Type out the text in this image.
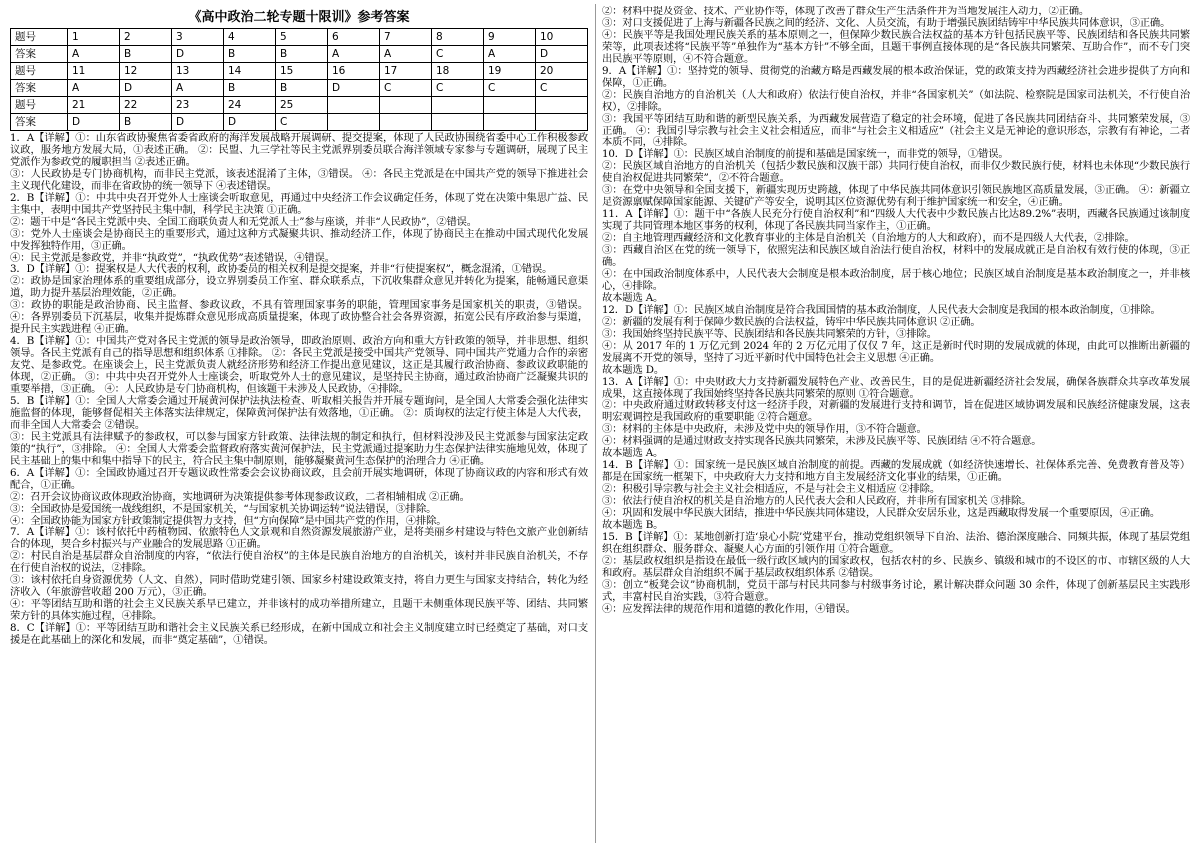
《高中政治二轮专题十限训》参考答案
题号	1	2	3	4	5	6	7	8	9	10
答案	A	B	D	B	B	A	A	C	A	D
题号	11	12	13	14	15	16	17	18	19	20
答案	A	D	A	B	B	D	C	C	C	C
题号	21	22	23	24	25					
答案	D	B	D	D	C					

1．A【详解】①：山东省政协聚焦省委省政府的海洋发展战略开展调研、提交提案，体现了人民政协围绕省委中心工作积极参政议政，服务地方发展大局，①表述正确。 ②：民盟、九三学社等民主党派界别委员联合海洋领域专家参与专题调研，展现了民主党派作为参政党的履职担当 ②表述正确。

③：人民政协是专门协商机构，而非民主党派，该表述混淆了主体，③错误。 ④：各民主党派是在中国共产党的领导下推进社会主义现代化建设，而非在省政协的统一领导下 ④表述错误。

2．B【详解】①：中共中央召开党外人士座谈会听取意见，再通过中央经济工作会议确定任务，体现了党在决策中集思广益、民主集中，表明中国共产党坚持民主集中制，科学民主决策 ①正确。

②：题干中是“各民主党派中央、全国工商联负责人和无党派人士”参与座谈，并非“人民政协”，②错误。

③：党外人士座谈会是协商民主的重要形式，通过这种方式凝聚共识、推动经济工作，体现了协商民主在推动中国式现代化发展中发挥独特作用，③正确。

④：民主党派是参政党，并非“执政党”，“执政优势”表述错误，④错误。

3．D【详解】①：提案权是人大代表的权利，政协委员的相关权利是提交提案，并非“行使提案权”，概念混淆，①错误。

②：政协是国家治理体系的重要组成部分，设立界别委员工作室、群众联系点，下沉收集群众意见并转化为提案，能畅通民意渠道，助力提升基层治理效能，②正确。

③：政协的职能是政治协商、民主监督、参政议政，不具有管理国家事务的职能，管理国家事务是国家机关的职责，③错误。 ④：各界别委员下沉基层，收集并提炼群众意见形成高质量提案，体现了政协整合社会各界资源，拓宽公民有序政治参与渠道，提升民主实践进程 ④正确。

4．B【详解】①：中国共产党对各民主党派的领导是政治领导，即政治原则、政治方向和重大方针政策的领导，并非思想、组织领导。各民主党派有自己的指导思想和组织体系 ①排除。 ②：各民主党派是接受中国共产党领导、同中国共产党通力合作的亲密友党、是参政党。在座谈会上，民主党派负责人就经济形势和经济工作提出意见建议，这正是其履行政治协商、参政议政职能的体现，②正确。 ③：中共中央召开党外人士座谈会，听取党外人士的意见建议，是坚持民主协商，通过政治协商广泛凝聚共识的重要举措，③正确。 ④：人民政协是专门协商机构，但该题干未涉及人民政协，④排除。

5．B【详解】①：全国人大常委会通过开展黄河保护法执法检查、听取相关报告并开展专题询问，是全国人大常委会强化法律实施监督的体现，能够督促相关主体落实法律规定，保障黄河保护法有效落地，①正确。 ②：质询权的法定行使主体是人大代表，而非全国人大常委会 ②错误。

③：民主党派具有法律赋予的参政权，可以参与国家方针政策、法律法规的制定和执行，但材料没涉及民主党派参与国家法定政策的“执行”，③排除。 ④：全国人大常委会监督政府落实黄河保护法，民主党派通过提案助力生态保护法律实施地见效，体现了民主基础上的集中和集中指导下的民主，符合民主集中制原则，能够凝聚黄河生态保护的治理合力 ④正确。

6．A【详解】①：全国政协通过召开专题议政性常委会会议协商议政，且会前开展实地调研，体现了协商议政的内容和形式有效配合，①正确。

②：召开会议协商议政体现政治协商，实地调研为决策提供参考体现参政议政，二者相辅相成 ②正确。

③：全国政协是爱国统一战线组织，不是国家机关，“与国家机关协调运转”说法错误，③排除。

④：全国政协能为国家方针政策制定提供智力支持，但“方向保障”是中国共产党的作用，④排除。

7．A【详解】①：该村依托中药植物园、依旅特色人文景观和自然资源发展旅游产业，是将美丽乡村建设与特色文旅产业创新结合的体现，契合乡村振兴与产业融合的发展思路 ①正确。

②：村民自治是基层群众自治制度的内容，“依法行使自治权”的主体是民族自治地方的自治机关，该村并非民族自治机关，不存在行使自治权的说法，②排除。

③：该村依托自身资源优势（人文、自然），同时借助党建引领、国家乡村建设政策支持，将自力更生与国家支持结合，转化为经济收入（年旅游营收超 200 万元），③正确。

④：平等团结互助和谐的社会主义民族关系早已建立，并非该村的成功举措所建立，且题干未侧重体现民族平等、团结、共同繁荣方针的具体实施过程，④排除。

8．C【详解】①：平等团结互助和谐社会主义民族关系已经形成，在新中国成立和社会主义制度建立时已经奠定了基础，对口支援是在此基础上的深化和发展，而非“奠定基础”，①错误。

②：材料中提及资金、技术、产业协作等，体现了改善了群众生产生活条件并为当地发展注入动力，②正确。

③：对口支援促进了上海与新疆各民族之间的经济、文化、人员交流，有助于增强民族团结铸牢中华民族共同体意识，③正确。

④：民族平等是我国处理民族关系的基本原则之一，但保障少数民族合法权益的基本方针包括民族平等、民族团结和各民族共同繁荣等，此项表述将“民族平等”单独作为“基本方针”不够全面，且题干事例直接体现的是“各民族共同繁荣、互助合作”，而不专门突出民族平等原则，④不符合题意。

9．A【详解】①：坚持党的领导、贯彻党的治藏方略是西藏发展的根本政治保证，党的政策支持为西藏经济社会进步提供了方向和保障，①正确。

②：民族自治地方的自治机关（人大和政府）依法行使自治权，并非“各国家机关”（如法院、检察院是国家司法机关，不行使自治权），②排除。

③：我国平等团结互助和谐的新型民族关系，为西藏发展营造了稳定的社会环境，促进了各民族共同团结奋斗、共同繁荣发展，③正确。 ④：我国引导宗教与社会主义社会相适应，而非“与社会主义相适应”（社会主义是无神论的意识形态，宗教有有神论，二者本质不同，④排除。

10．D【详解】①：民族区域自治制度的前提和基础是国家统一，而非党的领导，①错误。

②：民族区域自治地方的自治机关（包括少数民族和汉族干部）共同行使自治权，而非仅少数民族行使，材料也未体现“少数民族行使自治权促进共同繁荣”，②不符合题意。

③：在党中央领导和全国支援下，新疆实现历史跨越，体现了中华民族共同体意识引领民族地区高质量发展，③正确。 ④：新疆立足资源禀赋保障国家能源、关键矿产等安全，说明其区位资源优势有利于维护国家统一和安全，④正确。

11．A【详解】①：题干中“各族人民充分行使自治权利”和“四级人大代表中少数民族占比达89.2%”表明，西藏各民族通过该制度实现了共同管理本地区事务的权利，体现了各民族共同当家作主，①正确。

②：自主地管理西藏经济和文化教育事业的主体是自治机关（自治地方的人大和政府），而不是四级人大代表，②排除。

③：西藏自治区在党的统一领导下，依照宪法和民族区域自治法行使自治权，材料中的发展成就正是自治权有效行使的体现，③正确。

④：在中国政治制度体系中，人民代表大会制度是根本政治制度，居于核心地位；民族区域自治制度是基本政治制度之一，并非核心，④排除。

故本题选 A。

12．D【详解】①：民族区域自治制度是符合我国国情的基本政治制度，人民代表大会制度是我国的根本政治制度，①排除。

②：新疆的发展有利于保障少数民族的合法权益，铸牢中华民族共同体意识 ②正确。

③：我国始终坚持民族平等、民族团结和各民族共同繁荣的方针，③排除。

④：从 2017 年的 1 万亿元到 2024 年的 2 万亿元用了仅仅 7 年，这正是新时代时期的发展成就的体现，由此可以推断出新疆的发展离不开党的领导，坚持了习近平新时代中国特色社会主义思想 ④正确。

故本题选 D。

13．A【详解】①：中央财政大力支持新疆发展特色产业、改善民生，目的是促进新疆经济社会发展，确保各族群众共享改革发展成果，这直接体现了我国始终坚持各民族共同繁荣的原则 ①符合题意。

②：中央政府通过财政转移支付这一经济手段，对新疆的发展进行支持和调节，旨在促进区域协调发展和民族经济健康发展，这表明宏观调控是我国政府的重要职能 ②符合题意。

③：材料的主体是中央政府，未涉及党中央的领导作用，③不符合题意。

④：材料强调的是通过财政支持实现各民族共同繁荣，未涉及民族平等、民族团结 ④不符合题意。

故本题选 A。

14．B【详解】①：国家统一是民族区域自治制度的前提。西藏的发展成就（如经济快速增长、社保体系完善、免费教育普及等）都是在国家统一框架下，中央政府大力支持和地方自主发展经济文化事业的结果，①正确。

②：积极引导宗教与社会主义社会相适应，不是与社会主义相适应 ②排除。

③：依法行使自治权的机关是自治地方的人民代表大会和人民政府，并非所有国家机关 ③排除。

④：巩固和发展中华民族大团结，推进中华民族共同体建设，人民群众安居乐业，这是西藏取得发展一个重要原因，④正确。

故本题选 B。

15．B【详解】①：某地创新打造‘泉心小院’党建平台，推动党组织领导下自治、法治、德治深度融合、同频共振，体现了基层党组织在组织群众、服务群众、凝聚人心方面的引领作用 ①符合题意。

②：基层政权组织是指设在最低一级行政区域内的国家政权，包括农村的乡、民族乡、镇级和城市的不设区的市、市辖区级的人大和政府。基层群众自治组织不属于基层政权组织体系 ②错误。

③：创立“板凳会议”协商机制，党员干部与村民共同参与村级事务讨论，累计解决群众问题 30 余件，体现了创新基层民主实践形式，丰富村民自治实践，③符合题意。

④：应发挥法律的规范作用和道德的教化作用，④错误。
